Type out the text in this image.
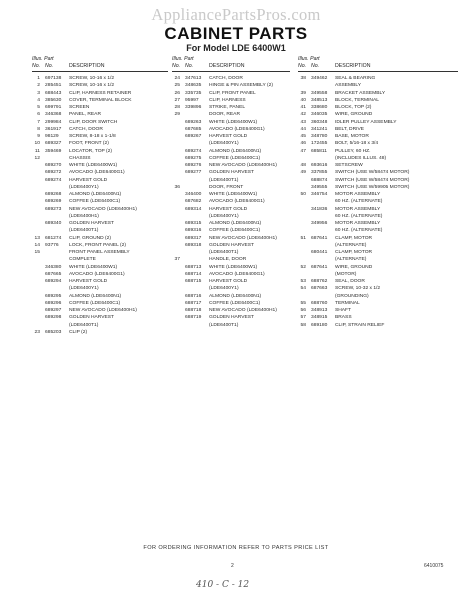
AppliancePartsPros.com
CABINET PARTS
For Model LDE 6400W1
Illus. Part
No. No.	DESCRIPTION
1	697138	SCREW, 10-16 x 1/2
2	285451	SCREW, 10-16 x 1/2
3	688443	CLIP, HARNESS RETAINER
4	385630	COVER, TERMINAL BLOCK
5	699791	SCREEN
6	346368	PANEL, REAR
7	299984	CLIP, DOOR SWITCH
8	361917	CATCH, DOOR
9	98129	SCREW, 8-18 x 1-1/8
10	689327	FOOT, FRONT (2)
11	359469	LOCATOR, TOP (2)
12	CHASSIS
689270	WHITE (LDE6400W1)
689272	AVOCADO (LDE6400G1)
689274	HARVEST GOLD
(LDE6400Y1)
689268	ALMOND (LDE6400N1)
689269	COFFEE (LDE6400C1)
689273	NEW AVOCADO (LDE6400H1)
(LDE6400H1)
689340	GOLDEN HARVEST
(LDE6400T1)
13	681274	CLIP, GROUND (2)
14	93776	LOCK, FRONT PANEL (2)
15	FRONT PANEL ASSEMBLY
COMPLETE
346380	WHITE (LDE6400W1)
687665	AVOCADO (LDE6400G1)
689294	HARVEST GOLD
(LDE6400Y1)
689295	ALMOND (LDE6400N1)
689296	COFFEE (LDE6400C1)
689297	NEW AVOCADO (LDE6400H1)
689298	GOLDEN HARVEST
(LDE6400T1)
23	685203	CLIP (2)
Illus. Part
No. No.	DESCRIPTION
24	347613	CATCH, DOOR
25	348635	HINGE & PIN ASSEMBLY (2)
26	335735	CLIP, FRONT PANEL
27	95997	CLIP, HARNESS
28	339896	STRIKE, PANEL
29	DOOR, REAR
689263	WHITE (LDE6400W1)
687685	AVOCADO (LDE6400G1)
689267	HARVEST GOLD
(LDE6400Y1)
689274	ALMOND (LDE6400N1)
689275	COFFEE (LDE6400C1)
689276	NEW AVOCADO (LDE6400H1)
689277	GOLDEN HARVEST
(LDE6400T1)
36	DOOR, FRONT
346400	WHITE (LDE6400W1)
687682	AVOCADO (LDE6400G1)
689314	HARVEST GOLD
(LDE6400Y1)
689315	ALMOND (LDE6400N1)
689316	COFFEE (LDE6400C1)
689317	NEW AVOCADO (LDE6400H1)
689318	GOLDEN HARVEST
(LDE6400T1)
37	HANDLE, DOOR
688713	WHITE (LDE6400W1)
688714	AVOCADO (LDE6400G1)
688715	HARVEST GOLD
(LDE6400Y1)
688716	ALMOND (LDE6400N1)
688717	COFFEE (LDE6400C1)
688718	NEW AVOCADO (LDE6400H1)
688719	GOLDEN HARVEST
(LDE6400T1)
Illus. Part
No. No.	DESCRIPTION
38	349462	SEAL & BEARING
ASSEMBLY
39	349558	BRACKET ASSEMBLY
40	348513	BLOCK, TERMINAL
41	338680	BLOCK, TOP (2)
42	346035	WIRE, GROUND
43	360348	IDLER PULLEY ASSEMBLY
44	341241	BELT, DRIVE
45	348780	BASE, MOTOR
46	172455	BOLT, 5/16-18 x 3/4
47	685811	PULLEY, 60 HZ.
(INCLUDES ILLUS. 48)
48	693616	SETSCREW
49	337855	SWITCH (USE W/58474 MOTOR)
688874	SWITCH (USE W/58474 MOTOR)
349555	SWITCH (USE W/59905 MOTOR)
50	346754	MOTOR ASSEMBLY
60 HZ. (ALTERNATE)
341836	MOTOR ASSEMBLY
60 HZ. (ALTERNATE)
349956	MOTOR ASSEMBLY
60 HZ. (ALTERNATE)
51	687641	CLAMP, MOTOR
(ALTERNATE)
680441	CLAMP, MOTOR
(ALTERNATE)
52	687641	WIRE, GROUND
(MOTOR)
53	688762	SEAL, DOOR
54	687663	SCREW, 10-32 x 1/2
(GROUNDING)
55	688760	TERMINAL
56	348913	SHAFT
57	348915	BRASS
58	689180	CLIP, STRAIN RELIEF
FOR ORDERING INFORMATION REFER TO PARTS PRICE LIST
2	6410075
410 - C - 12
